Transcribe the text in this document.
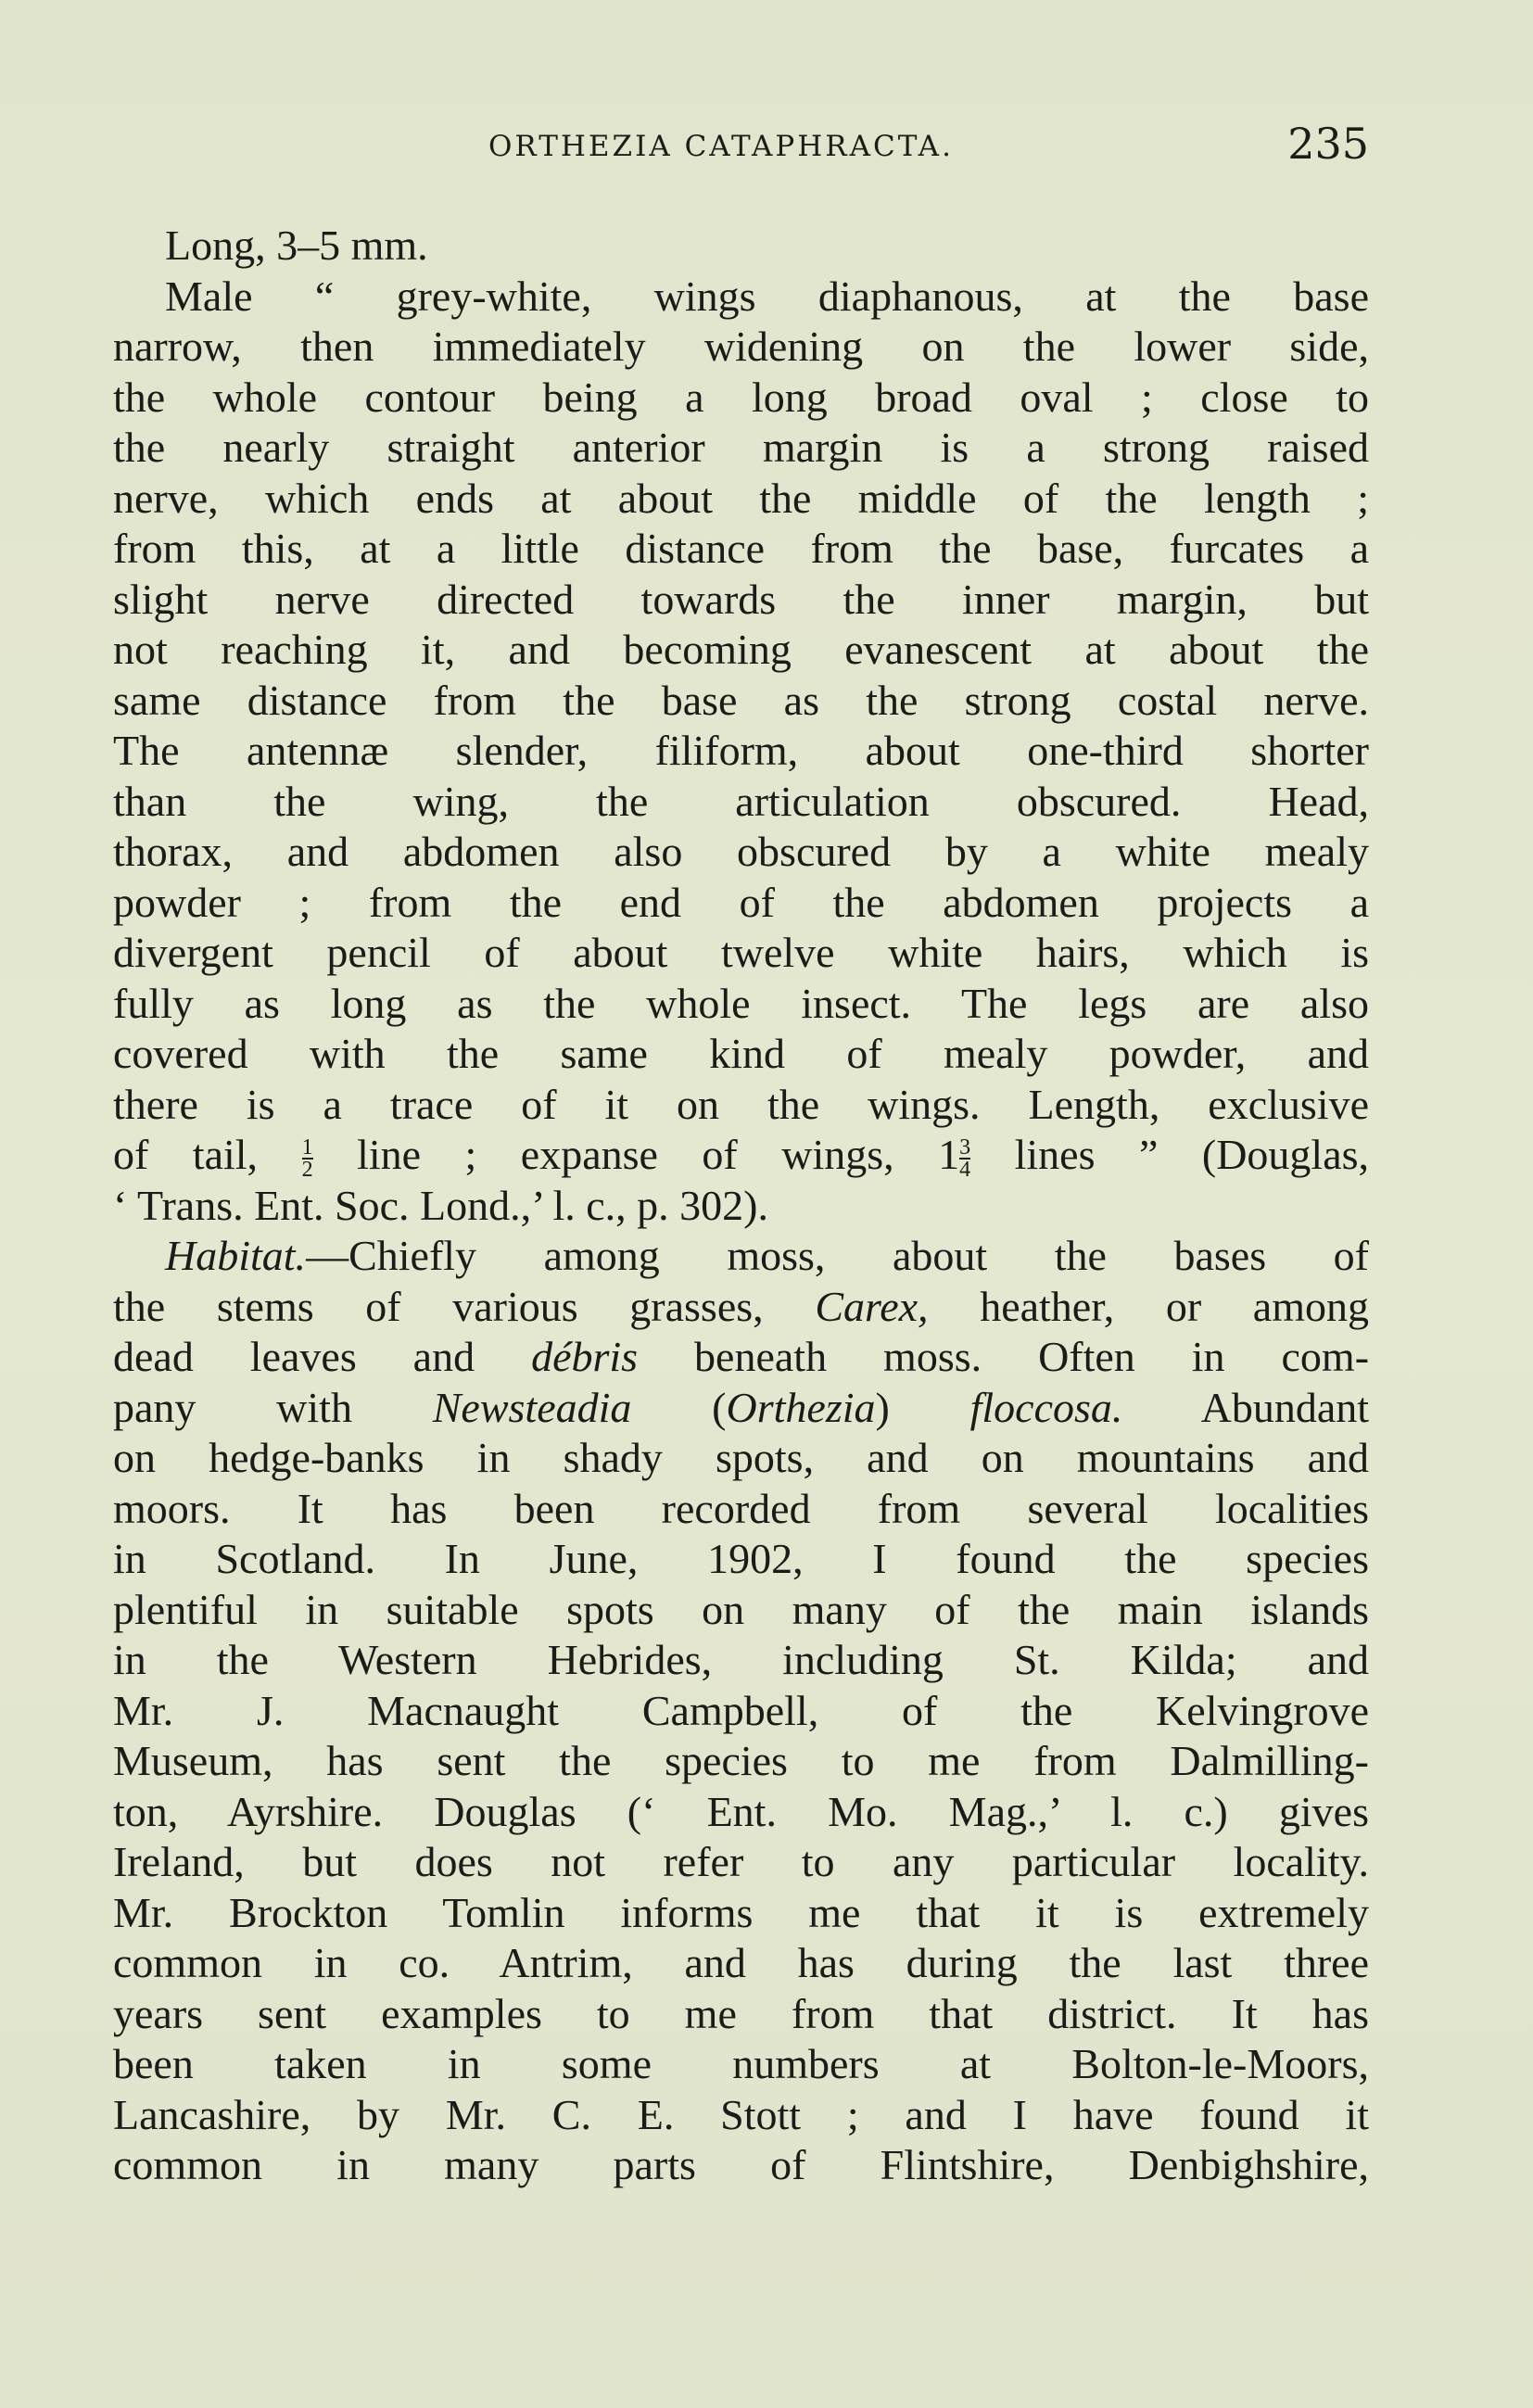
ORTHEZIA CATAPHRACTA.	235
Long, 3–5 mm.
Male “ grey-white, wings diaphanous, at the base
narrow, then immediately widening on the lower side,
the whole contour being a long broad oval ; close to
the nearly straight anterior margin is a strong raised
nerve, which ends at about the middle of the length ;
from this, at a little distance from the base, furcates a
slight nerve directed towards the inner margin, but
not reaching it, and becoming evanescent at about the
same distance from the base as the strong costal nerve.
The antennæ slender, filiform, about one-third shorter
than the wing, the articulation obscured. Head,
thorax, and abdomen also obscured by a white mealy
powder ; from the end of the abdomen projects a
divergent pencil of about twelve white hairs, which is
fully as long as the whole insect. The legs are also
covered with the same kind of mealy powder, and
there is a trace of it on the wings. Length, exclusive
of tail, $\frac{1}{2}$ line ; expanse of wings, $1 \frac{3}{4}$ lines ” (Douglas,
‘ Trans. Ent. Soc. Lond.,’ l. c., p. 302).
Habitat.—Chiefly among moss, about the bases of
the stems of various grasses, Carex, heather, or among
dead leaves and débris beneath moss. Often in com-
pany with Newsteadia (Orthezia) floccosa. Abundant
on hedge-banks in shady spots, and on mountains and
moors. It has been recorded from several localities
in Scotland. In June, 1902, I found the species
plentiful in suitable spots on many of the main islands
in the Western Hebrides, including St. Kilda; and
Mr. J. Macnaught Campbell, of the Kelvingrove
Museum, has sent the species to me from Dalmilling-
ton, Ayrshire. Douglas (‘ Ent. Mo. Mag.,’ l. c.) gives
Ireland, but does not refer to any particular locality.
Mr. Brockton Tomlin informs me that it is extremely
common in co. Antrim, and has during the last three
years sent examples to me from that district. It has
been taken in some numbers at Bolton-le-Moors,
Lancashire, by Mr. C. E. Stott ; and I have found it
common in many parts of Flintshire, Denbighshire,
